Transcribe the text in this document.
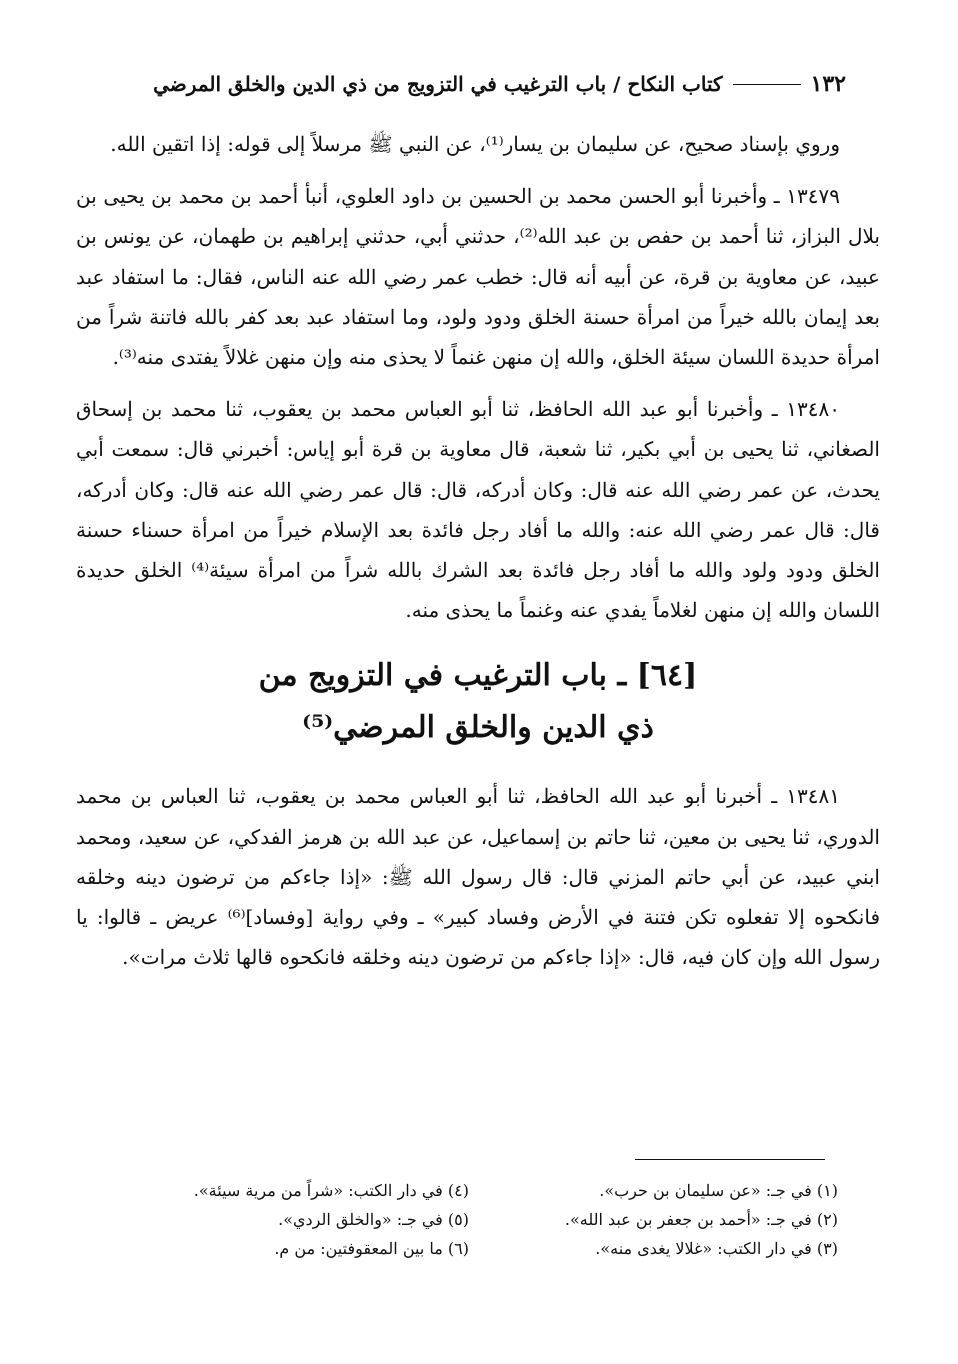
١٣٢
كتاب النكاح / باب الترغيب في التزويج من ذي الدين والخلق المرضي

وروي بإسناد صحيح، عن سليمان بن يسار⁽¹⁾، عن النبي ﷺ مرسلاً إلى قوله: إذا اتقين الله.

١٣٤٧٩ ـ وأخبرنا أبو الحسن محمد بن الحسين بن داود العلوي، أنبأ أحمد بن محمد بن يحيى بن بلال البزاز، ثنا أحمد بن حفص بن عبد الله⁽²⁾، حدثني أبي، حدثني إبراهيم بن طهمان، عن يونس بن عبيد، عن معاوية بن قرة، عن أبيه أنه قال: خطب عمر رضي الله عنه الناس، فقال: ما استفاد عبد بعد إيمان بالله خيراً من امرأة حسنة الخلق ودود ولود، وما استفاد عبد بعد كفر بالله فاتنة شراً من امرأة حديدة اللسان سيئة الخلق، والله إن منهن غنماً لا يحذى منه وإن منهن غلالاً يفتدى منه⁽³⁾.

١٣٤٨٠ ـ وأخبرنا أبو عبد الله الحافظ، ثنا أبو العباس محمد بن يعقوب، ثنا محمد بن إسحاق الصغاني، ثنا يحيى بن أبي بكير، ثنا شعبة، قال معاوية بن قرة أبو إياس: أخبرني قال: سمعت أبي يحدث، عن عمر رضي الله عنه قال: وكان أدركه، قال: قال عمر رضي الله عنه قال: وكان أدركه، قال: قال عمر رضي الله عنه: والله ما أفاد رجل فائدة بعد الإسلام خيراً من امرأة حسناء حسنة الخلق ودود ولود والله ما أفاد رجل فائدة بعد الشرك بالله شراً من امرأة سيئة⁽⁴⁾ الخلق حديدة اللسان والله إن منهن لغلاماً يفدي عنه وغنماً ما يحذى منه.

[٦٤] ـ باب الترغيب في التزويج من
ذي الدين والخلق المرضي⁽⁵⁾

١٣٤٨١ ـ أخبرنا أبو عبد الله الحافظ، ثنا أبو العباس محمد بن يعقوب، ثنا العباس بن محمد الدوري، ثنا يحيى بن معين، ثنا حاتم بن إسماعيل، عن عبد الله بن هرمز الفدكي، عن سعيد، ومحمد ابني عبيد، عن أبي حاتم المزني قال: قال رسول الله ﷺ: «إذا جاءكم من ترضون دينه وخلقه فانكحوه إلا تفعلوه تكن فتنة في الأرض وفساد كبير» ـ وفي رواية [وفساد]⁽⁶⁾ عريض ـ قالوا: يا رسول الله وإن كان فيه، قال: «إذا جاءكم من ترضون دينه وخلقه فانكحوه قالها ثلاث مرات».

(١) في جـ: «عن سليمان بن حرب».
(٢) في جـ: «أحمد بن جعفر بن عبد الله».
(٣) في دار الكتب: «غلالا يغدى منه».
(٤) في دار الكتب: «شراً من مرية سيئة».
(٥) في جـ: «والخلق الردي».
(٦) ما بين المعقوفتين: من م.
